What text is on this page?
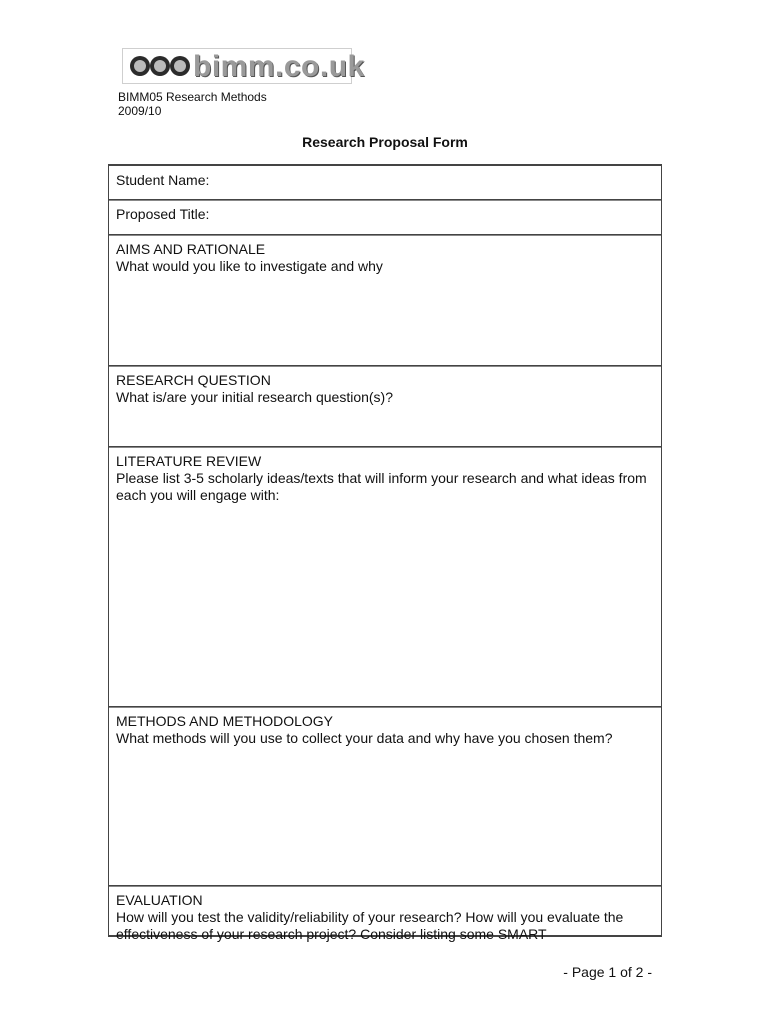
bimm.co.uk
BIMM05 Research Methods
2009/10
Research Proposal Form
Student Name:
Proposed Title:
AIMS AND RATIONALE
What would you like to investigate and why
RESEARCH QUESTION
What is/are your initial research question(s)?
LITERATURE REVIEW
Please list 3-5 scholarly ideas/texts that will inform your research and what ideas from each you will engage with:
METHODS AND METHODOLOGY
What methods will you use to collect your data and why have you chosen them?
EVALUATION
How will you test the validity/reliability of your research? How will you evaluate the effectiveness of your research project? Consider listing some SMART
- Page 1 of 2 -
